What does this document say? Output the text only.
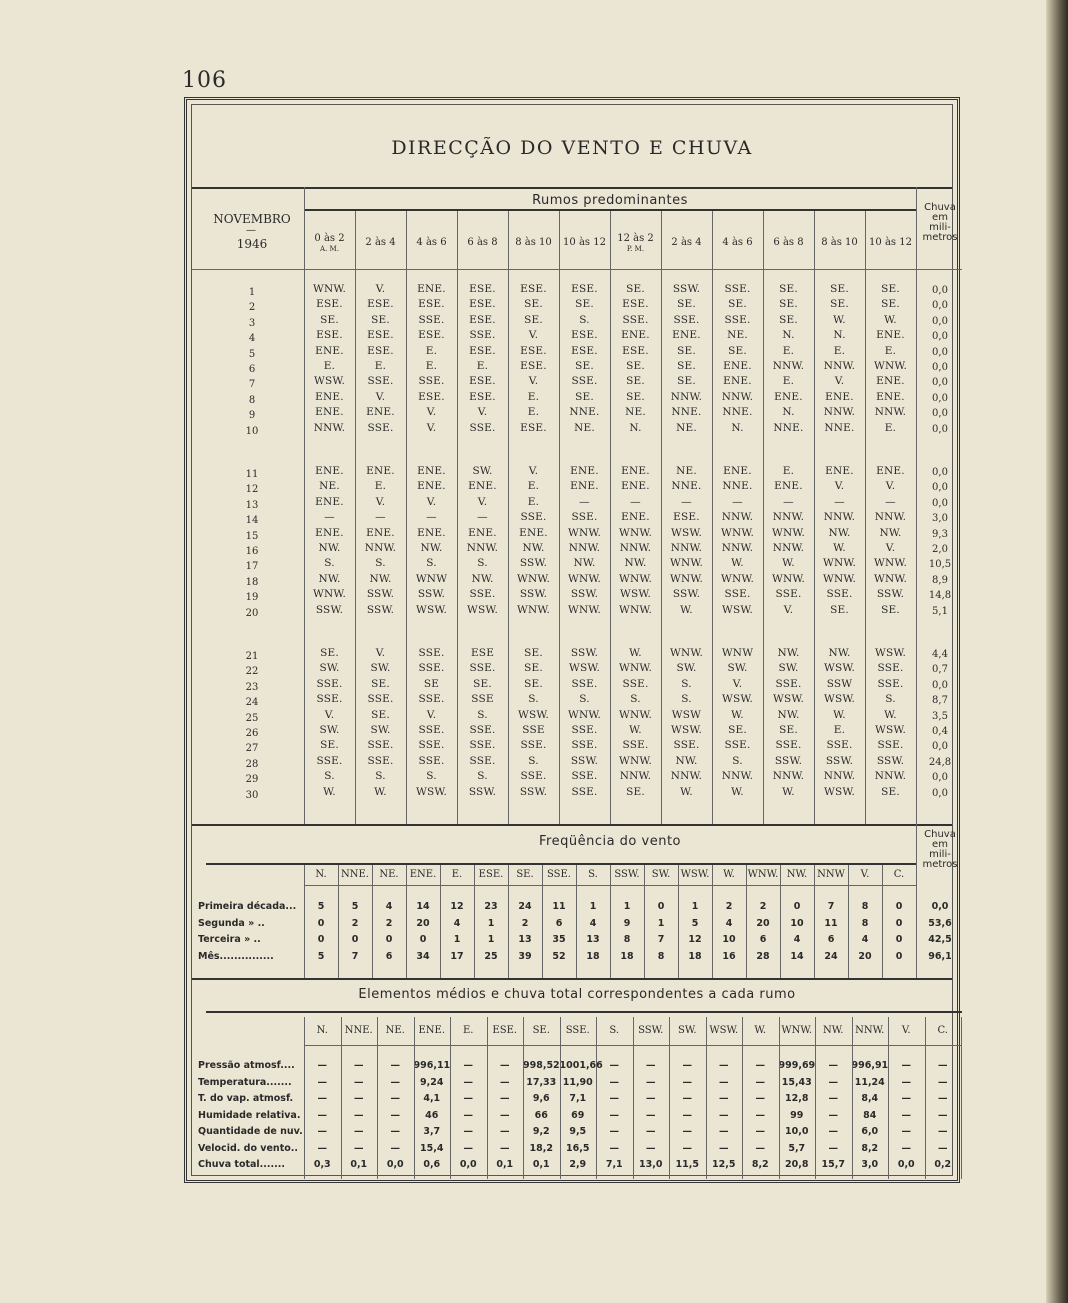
106
DIRECÇÃO DO VENTO E CHUVA
NOVEMBRO
—
1946
Rumos predominantes	Chuva
em
mili-
metros
0 às 2
A. M.
2 às 4	4 às 6	6 às 8	8 às 10	10 às 12	12 às 2
P. M.
2 às 4	4 às 6	6 às 8	8 às 10	10 às 12
1	WNW.	V.	ENE.	ESE.	ESE.	ESE.	SE.	SSW.	SSE.	SE.	SE.	SE.	0,0
2	ESE.	ESE.	ESE.	ESE.	SE.	SE.	ESE.	SE.	SE.	SE.	SE.	SE.	0,0
3	SE.	SE.	SSE.	ESE.	SE.	S.	SSE.	SSE.	SSE.	SE.	W.	W.	0,0
4	ESE.	ESE.	ESE.	SSE.	V.	ESE.	ENE.	ENE.	NE.	N.	N.	ENE.	0,0
5	ENE.	ESE.	E.	ESE.	ESE.	ESE.	ESE.	SE.	SE.	E.	E.	E.	0,0
6	E.	E.	E.	E.	ESE.	SE.	SE.	SE.	ENE.	NNW.	NNW.	WNW.	0,0
7	WSW.	SSE.	SSE.	ESE.	V.	SSE.	SE.	SE.	ENE.	E.	V.	ENE.	0,0
8	ENE.	V.	ESE.	ESE.	E.	SE.	SE.	NNW.	NNW.	ENE.	ENE.	ENE.	0,0
9	ENE.	ENE.	V.	V.	E.	NNE.	NE.	NNE.	NNE.	N.	NNW.	NNW.	0,0
10	NNW.	SSE.	V.	SSE.	ESE.	NE.	N.	NE.	N.	NNE.	NNE.	E.	0,0
11	ENE.	ENE.	ENE.	SW.	V.	ENE.	ENE.	NE.	ENE.	E.	ENE.	ENE.	0,0
12	NE.	E.	ENE.	ENE.	E.	ENE.	ENE.	NNE.	NNE.	ENE.	V.	V.	0,0
13	ENE.	V.	V.	V.	E.	—	—	—	—	—	—	—	0,0
14	—	—	—	—	SSE.	SSE.	ENE.	ESE.	NNW.	NNW.	NNW.	NNW.	3,0
15	ENE.	ENE.	ENE.	ENE.	ENE.	WNW.	WNW.	WSW.	WNW.	WNW.	NW.	NW.	9,3
16	NW.	NNW.	NW.	NNW.	NW.	NNW.	NNW.	NNW.	NNW.	NNW.	W.	V.	2,0
17	S.	S.	S.	S.	SSW.	NW.	NW.	WNW.	W.	W.	WNW.	WNW.	10,5
18	NW.	NW.	WNW	NW.	WNW.	WNW.	WNW.	WNW.	WNW.	WNW.	WNW.	WNW.	8,9
19	WNW.	SSW.	SSW.	SSE.	SSW.	SSW.	WSW.	SSW.	SSE.	SSE.	SSE.	SSW.	14,8
20	SSW.	SSW.	WSW.	WSW.	WNW.	WNW.	WNW.	W.	WSW.	V.	SE.	SE.	5,1
21	SE.	V.	SSE.	ESE	SE.	SSW.	W.	WNW.	WNW	NW.	NW.	WSW.	4,4
22	SW.	SW.	SSE.	SSE.	SE.	WSW.	WNW.	SW.	SW.	SW.	WSW.	SSE.	0,7
23	SSE.	SE.	SE	SE.	SE.	SSE.	SSE.	S.	V.	SSE.	SSW	SSE.	0,0
24	SSE.	SSE.	SSE.	SSE	S.	S.	S.	S.	WSW.	WSW.	WSW.	S.	8,7
25	V.	SE.	V.	S.	WSW.	WNW.	WNW.	WSW	W.	NW.	W.	W.	3,5
26	SW.	SW.	SSE.	SSE.	SSE	SSE.	W.	WSW.	SE.	SE.	E.	WSW.	0,4
27	SE.	SSE.	SSE.	SSE.	SSE.	SSE.	SSE.	SSE.	SSE.	SSE.	SSE.	SSE.	0,0
28	SSE.	SSE.	SSE.	SSE.	S.	SSW.	WNW.	NW.	S.	SSW.	SSW.	SSW.	24,8
29	S.	S.	S.	S.	SSE.	SSE.	NNW.	NNW.	NNW.	NNW.	NNW.	NNW.	0,0
30	W.	W.	WSW.	SSW.	SSW.	SSE.	SE.	W.	W.	W.	WSW.	SE.	0,0
Freqüência do vento	Chuva
em
mili-
metros
N.	NNE.	NE.	ENE.	E.	ESE.	SE.	SSE.	S.	SSW.	SW.	WSW.	W.	WNW. NW. NNW	V.	C.
Primeira década...	5	5	4	14	12	23	24	11	1	1	0	1	2	2	0	7	8	0	0,0
Segunda » ..	0	2	2	20	4	1	2	6	4	9	1	5	4	20	10	11	8	0	53,6
Terceira » ..	0	0	0	0	1	1	13	35	13	8	7	12	10	6	4	6	4	0	42,5
Mês...............	5	7	6	34	17	25	39	52	18	18	8	18	16	28	14	24	20	0	96,1
Elementos médios e chuva total correspondentes a cada rumo
N.	NNE.	NE.	ENE.	E.	ESE.	SE.	SSE.	S.	SSW.	SW.	WSW.	W.	WNW.	NW.	NNW.	V.	C.
Pressão atmosf....	—	—	—	996,11	—	—	998,52 1001,66 —	—	—	—	—	999,69	—	996,91	—	—
Temperatura.......	—	—	—	9,24	—	—	17,33 11,90	—	—	—	—	—	15,43	—	11,24	—	—
T. do vap. atmosf.	—	—	—	4,1	—	—	9,6	7,1	—	—	—	—	—	12,8	—	8,4	—	—
Humidade relativa.	—	—	—	46	—	—	66	69	—	—	—	—	—	99	—	84	—	—
Quantidade de nuv.	—	—	—	3,7	—	—	9,2	9,5	—	—	—	—	—	10,0	—	6,0	—	—
Velocid. do vento..	—	—	—	15,4	—	—	18,2	16,5	—	—	—	—	—	5,7	—	8,2	—	—
Chuva total.......	0,3	0,1	0,0	0,6	0,0	0,1	0,1	2,9	7,1	13,0	11,5	12,5	8,2	20,8	15,7	3,0	0,0	0,2
